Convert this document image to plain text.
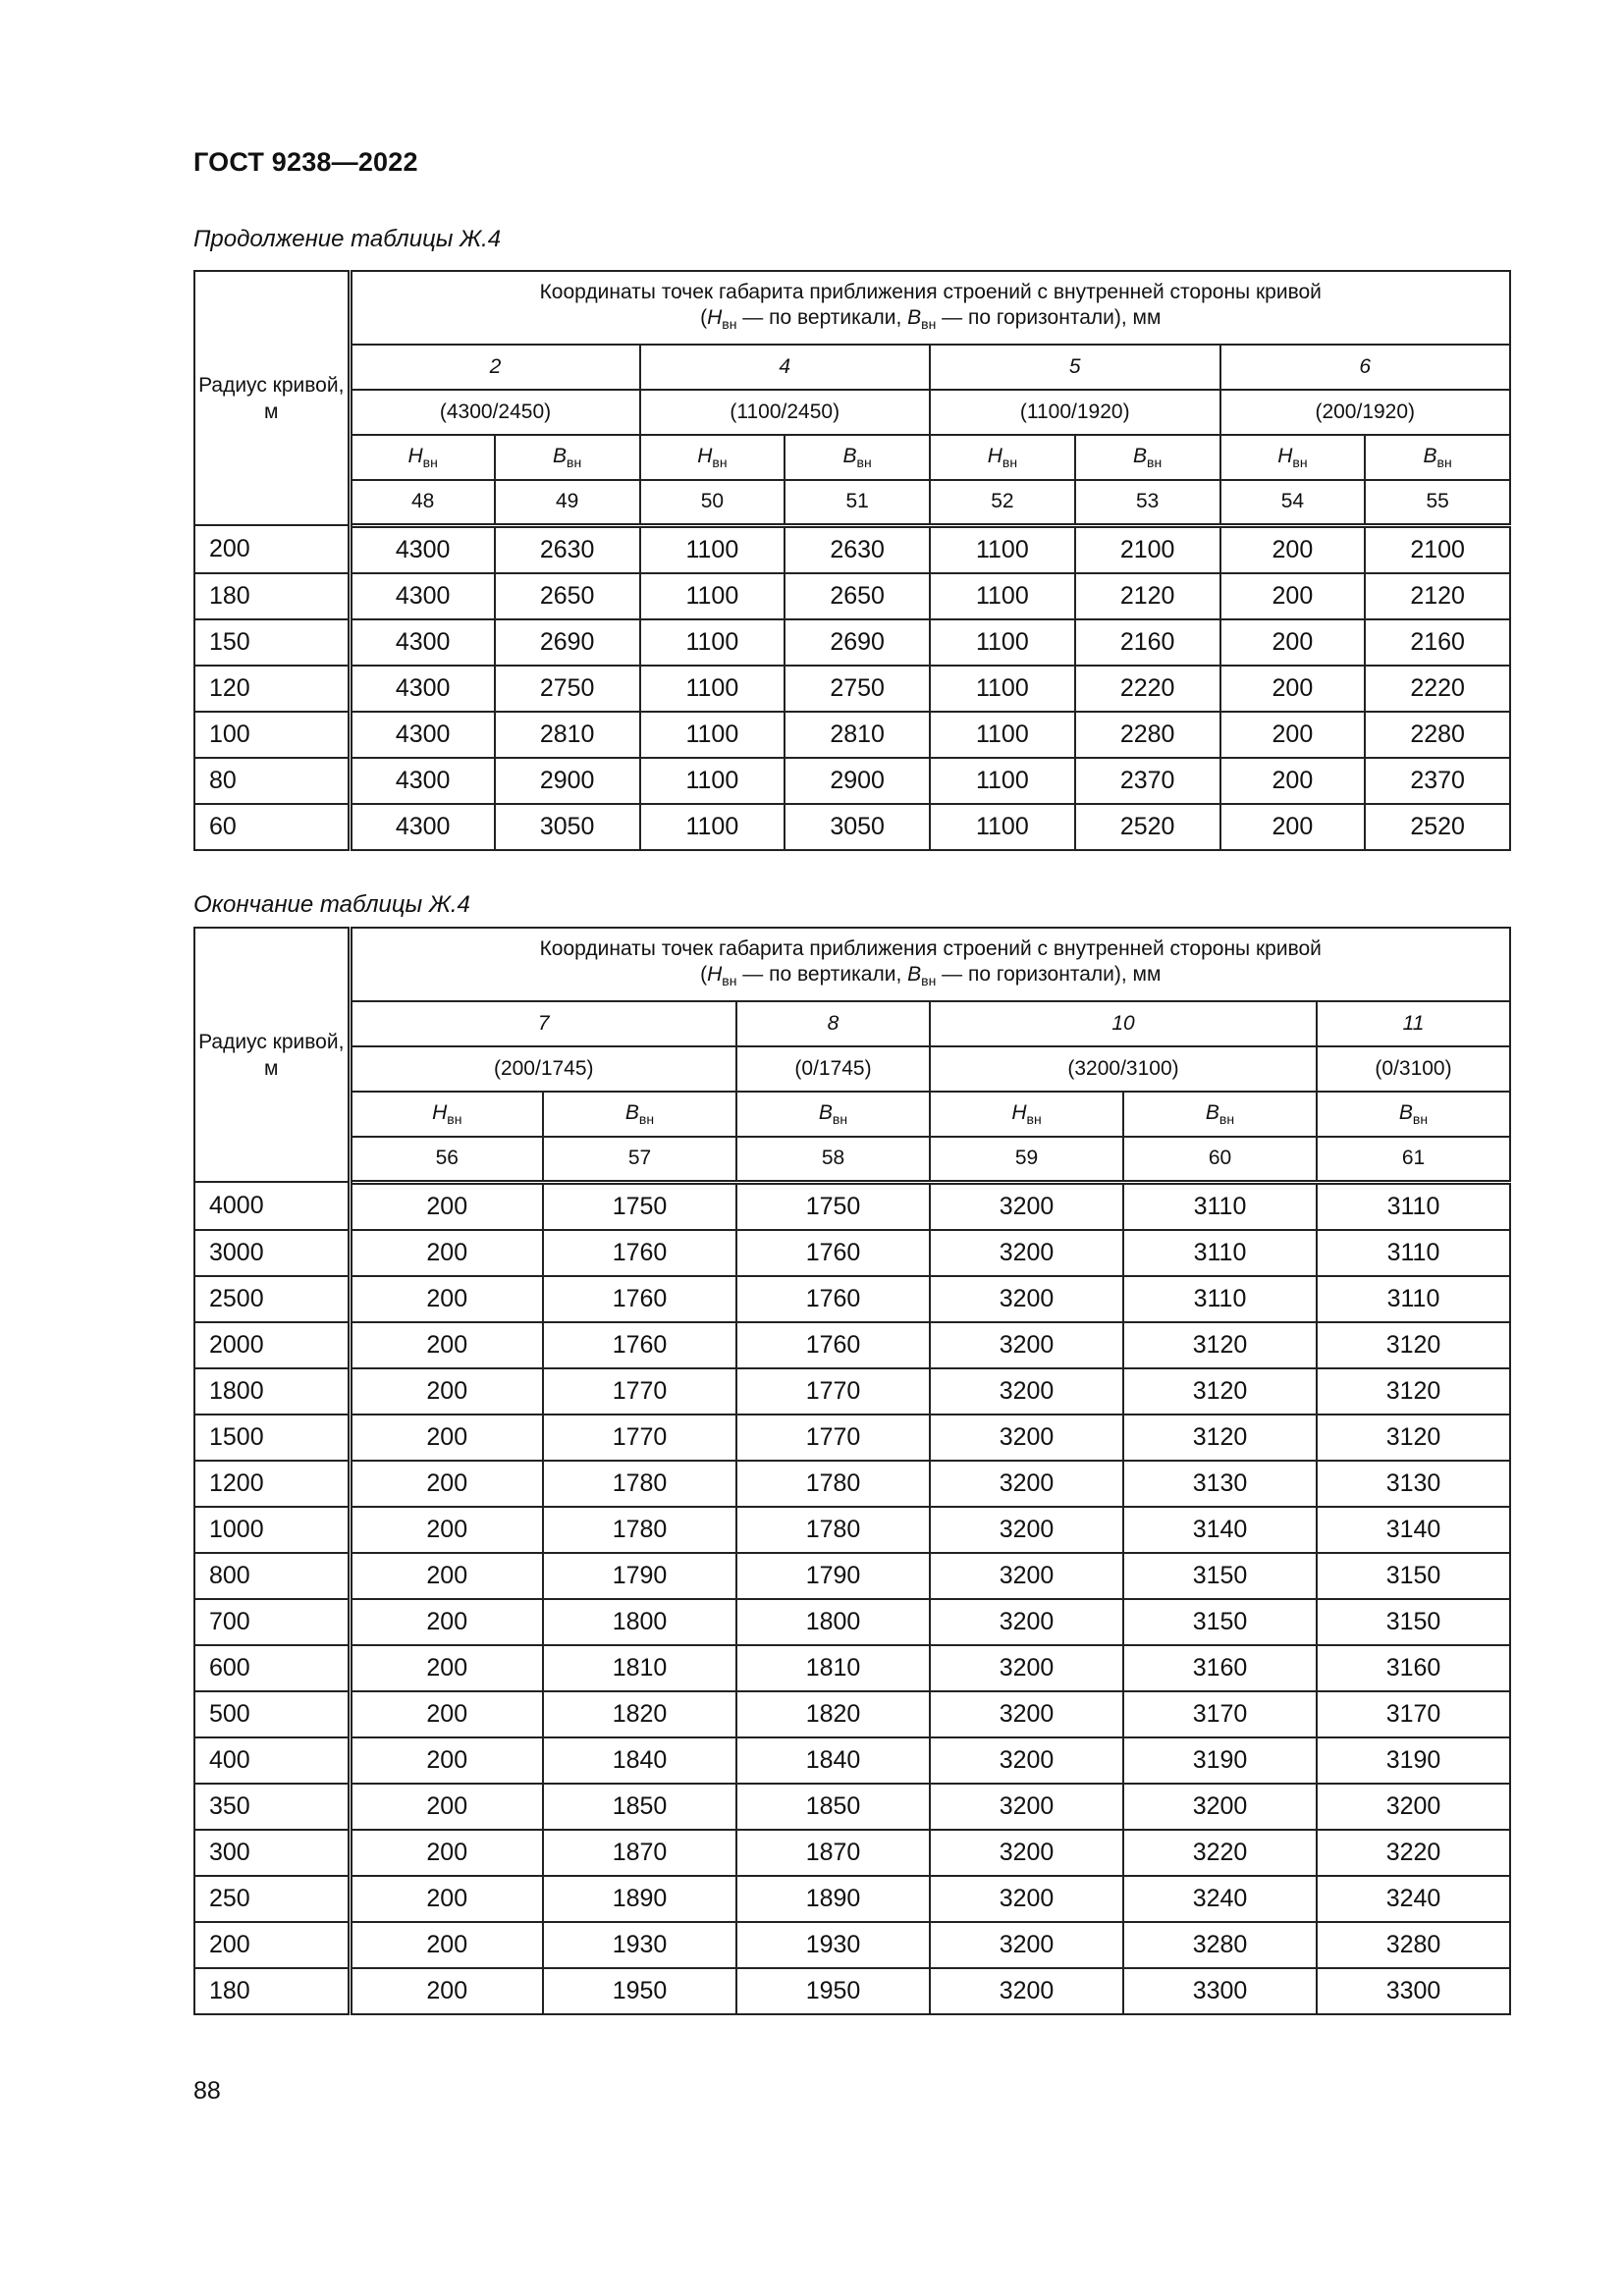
ГОСТ 9238—2022
Продолжение таблицы Ж.4
Радиус кривой, м	Координаты точек габарита приближения строений с внутренней стороны кривой
($H_{вн}$ — по вертикали, $B_{вн}$ — по горизонтали), мм							
	2		4		5		6	
	(4300/2450)		(1100/2450)		(1100/1920)		(200/1920)	
	$H_{вн}$	$B_{вн}$	$H_{вн}$	$B_{вн}$	$H_{вн}$	$B_{вн}$	$H_{вн}$	$B_{вн}$
	48	49	50	51	52	53	54	55
200	4300	2630	1100	2630	1100	2100	200	2100
180	4300	2650	1100	2650	1100	2120	200	2120
150	4300	2690	1100	2690	1100	2160	200	2160
120	4300	2750	1100	2750	1100	2220	200	2220
100	4300	2810	1100	2810	1100	2280	200	2280
80	4300	2900	1100	2900	1100	2370	200	2370
60	4300	3050	1100	3050	1100	2520	200	2520
Окончание таблицы Ж.4
Радиус кривой, м	Координаты точек габарита приближения строений с внутренней стороны кривой
($H_{вн}$ — по вертикали, $B_{вн}$ — по горизонтали), мм					
	7		8	10		11
	(200/1745)		(0/1745)	(3200/3100)		(0/3100)
	$H_{вн}$	$B_{вн}$	$B_{вн}$	$H_{вн}$	$B_{вн}$	$B_{вн}$
	56	57	58	59	60	61
4000	200	1750	1750	3200	3110	3110
3000	200	1760	1760	3200	3110	3110
2500	200	1760	1760	3200	3110	3110
2000	200	1760	1760	3200	3120	3120
1800	200	1770	1770	3200	3120	3120
1500	200	1770	1770	3200	3120	3120
1200	200	1780	1780	3200	3130	3130
1000	200	1780	1780	3200	3140	3140
800	200	1790	1790	3200	3150	3150
700	200	1800	1800	3200	3150	3150
600	200	1810	1810	3200	3160	3160
500	200	1820	1820	3200	3170	3170
400	200	1840	1840	3200	3190	3190
350	200	1850	1850	3200	3200	3200
300	200	1870	1870	3200	3220	3220
250	200	1890	1890	3200	3240	3240
200	200	1930	1930	3200	3280	3280
180	200	1950	1950	3200	3300	3300
88
